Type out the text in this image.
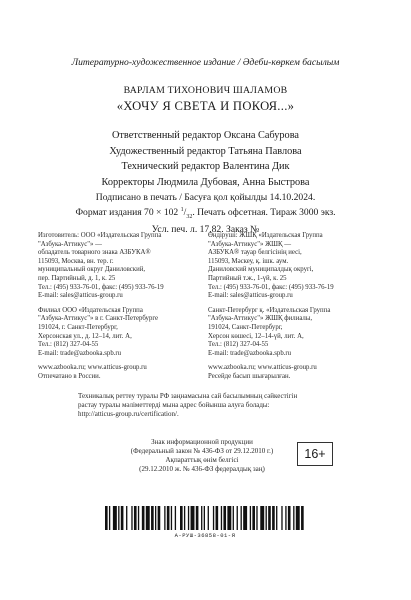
Литературно-художественное издание / Әдеби-көркем басылым
ВАРЛАМ ТИХОНОВИЧ ШАЛАМОВ
«ХОЧУ Я СВЕТА И ПОКОЯ...»
Ответственный редактор Оксана Сабурова
Художественный редактор Татьяна Павлова
Технический редактор Валентина Дик
Корректоры Людмила Дубовая, Анна Быстрова
Подписано в печать / Басуға қол қойылды 14.10.2024.
Формат издания 70 × 102 $^1/_{32}$. Печать офсетная. Тираж 3000 экз.
Усл. печ. л. 17,82. Заказ №
Изготовитель: ООО «Издательская Группа
"Азбука-Аттикус"» —
обладатель товарного знака АЗБУКА®
115093, Москва, вн. тер. г.
муниципальный округ Даниловский,
пер. Партийный, д. 1, к. 25
Тел.: (495) 933-76-01, факс: (495) 933-76-19
E-mail: sales@atticus-group.ru
Өндіруші: ЖШҚ «Издательская Группа
"Азбука-Аттикус"» ЖШҚ —
АЗБУКА® тауар белгісінің иесі,
115093, Мәскеу, қ. ішк. аум.
Даниловский муниципалдық округі,
Партийный т.ж., 1-үй, к. 25
Тел.: (495) 933-76-01, факс: (495) 933-76-19
E-mail: sales@atticus-group.ru
Филиал ООО «Издательская Группа
"Азбука-Аттикус"» в г. Санкт-Петербурге
191024, г. Санкт-Петербург,
Херсонская ул., д. 12–14, лит. А,
Тел.: (812) 327-04-55
E-mail: trade@azbooka.spb.ru
Санкт-Петербург қ. «Издательская Группа
"Азбука-Аттикус"» ЖШҚ филиалы,
191024, Санкт-Петербург,
Херсон көшесі, 12–14-үй, лит. А,
Тел.: (812) 327-04-55
E-mail: trade@azbooka.spb.ru
www.azbooka.ru; www.atticus-group.ru
Отпечатано в России.
www.azbooka.ru; www.atticus-group.ru
Ресейде басып шығарылған.
Техникалық реттеу туралы РФ заңнамасына сай басылымның сәйкестігін
растау туралы мәліметтерді мына адрес бойынша алуға болады:
http://atticus-group.ru/certification/.
Знак информационной продукции
(Федеральный закон № 436-ФЗ от 29.12.2010 г.)
Ақпараттық өнім белгісі
(29.12.2010 ж. № 436-ФЗ федералдық заң)
16+
А-РУШ-36858-01-Я
